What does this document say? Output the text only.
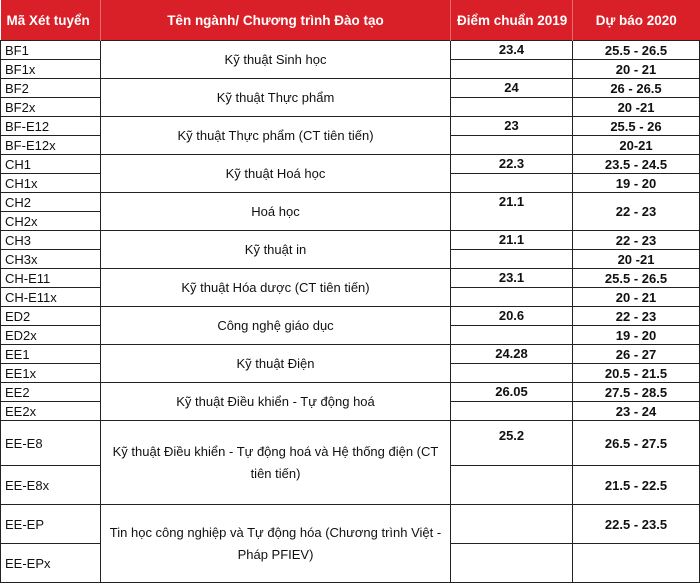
Mã Xét tuyển	Tên ngành/ Chương trình Đào tạo	Điểm chuẩn 2019	Dự báo 2020
BF1	Kỹ thuật Sinh học	23.4	25.5 - 26.5
BF1x			20 - 21
BF2	Kỹ thuật Thực phẩm	24	26 - 26.5
BF2x			20 -21
BF-E12	Kỹ thuật Thực phẩm (CT tiên tiến)	23	25.5 - 26
BF-E12x			20-21
CH1	Kỹ thuật Hoá học	22.3	23.5 - 24.5
CH1x			19 - 20
CH2	Hoá học	21.1	22 - 23
CH2x			
CH3	Kỹ thuật in	21.1	22 - 23
CH3x			20 -21
CH-E11	Kỹ thuật Hóa dược (CT tiên tiến)	23.1	25.5 - 26.5
CH-E11x			20 - 21
ED2	Công nghệ giáo dục	20.6	22 - 23
ED2x			19 - 20
EE1	Kỹ thuật Điện	24.28	26 - 27
EE1x			20.5 - 21.5
EE2	Kỹ thuật Điều khiển - Tự động hoá	26.05	27.5 - 28.5
EE2x			23 - 24
EE-E8	Kỹ thuật Điều khiển - Tự động hoá và Hệ thống điện (CT tiên tiến)	25.2	26.5 - 27.5
EE-E8x			21.5 - 22.5
EE-EP	Tin học công nghiệp và Tự động hóa (Chương trình Việt - Pháp PFIEV)		22.5 - 23.5
EE-EPx			
